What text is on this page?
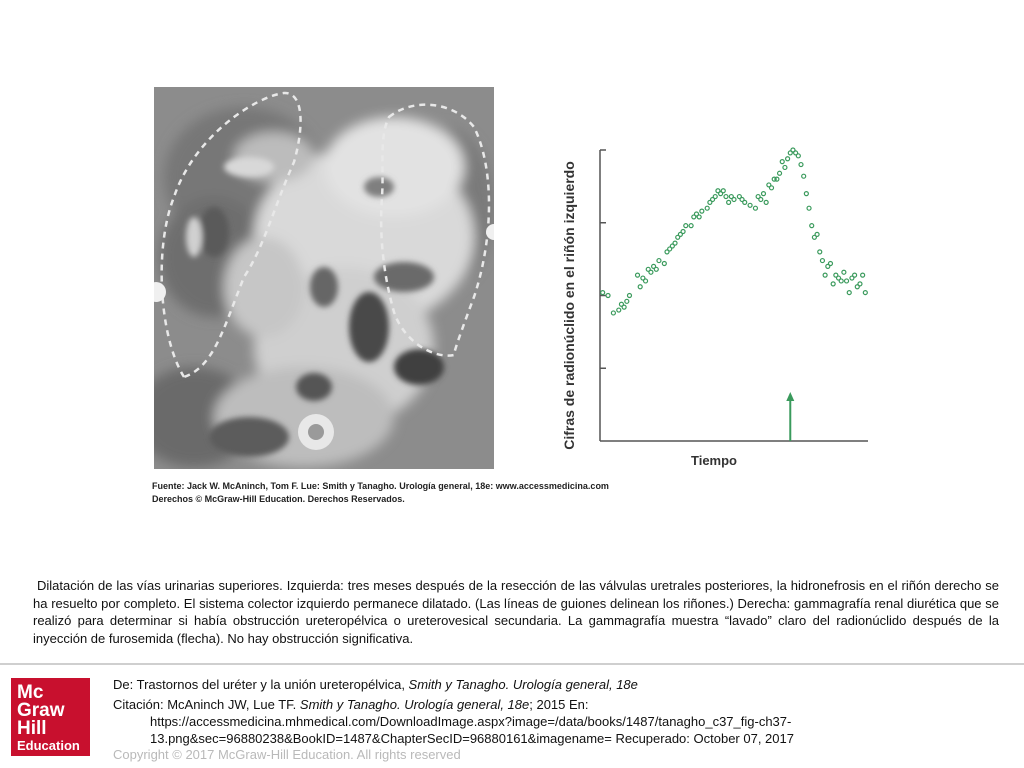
Fuente: Jack W. McAninch, Tom F. Lue: Smith y Tanagho. Urología general, 18e: www.accessmedicina.com
Derechos © McGraw-Hill Education. Derechos Reservados.
Cifras de radionúclido en el riñón izquierdo
Tiempo
Dilatación de las vías urinarias superiores. Izquierda: tres meses después de la resección de las válvulas uretrales posteriores, la hidronefrosis en el riñón derecho se ha resuelto por completo. El sistema colector izquierdo permanece dilatado. (Las líneas de guiones delinean los riñones.) Derecha: gammagrafía renal diurética que se realizó para determinar si había obstrucción ureteropélvica o ureterovesical secundaria. La gammagrafía muestra “lavado” claro del radionúclido después de la inyección de furosemida (flecha). No hay obstrucción significativa.
Mc
Graw
Hill
Education
De: Trastornos del uréter y la unión ureteropélvica, Smith y Tanagho. Urología general, 18e
Citación: McAninch JW, Lue TF. Smith y Tanagho. Urología general, 18e; 2015 En:
https://accessmedicina.mhmedical.com/DownloadImage.aspx?image=/data/books/1487/tanagho_c37_fig-ch37-
13.png&sec=96880238&BookID=1487&ChapterSecID=96880161&imagename= Recuperado: October 07, 2017
Copyright © 2017 McGraw-Hill Education. All rights reserved
